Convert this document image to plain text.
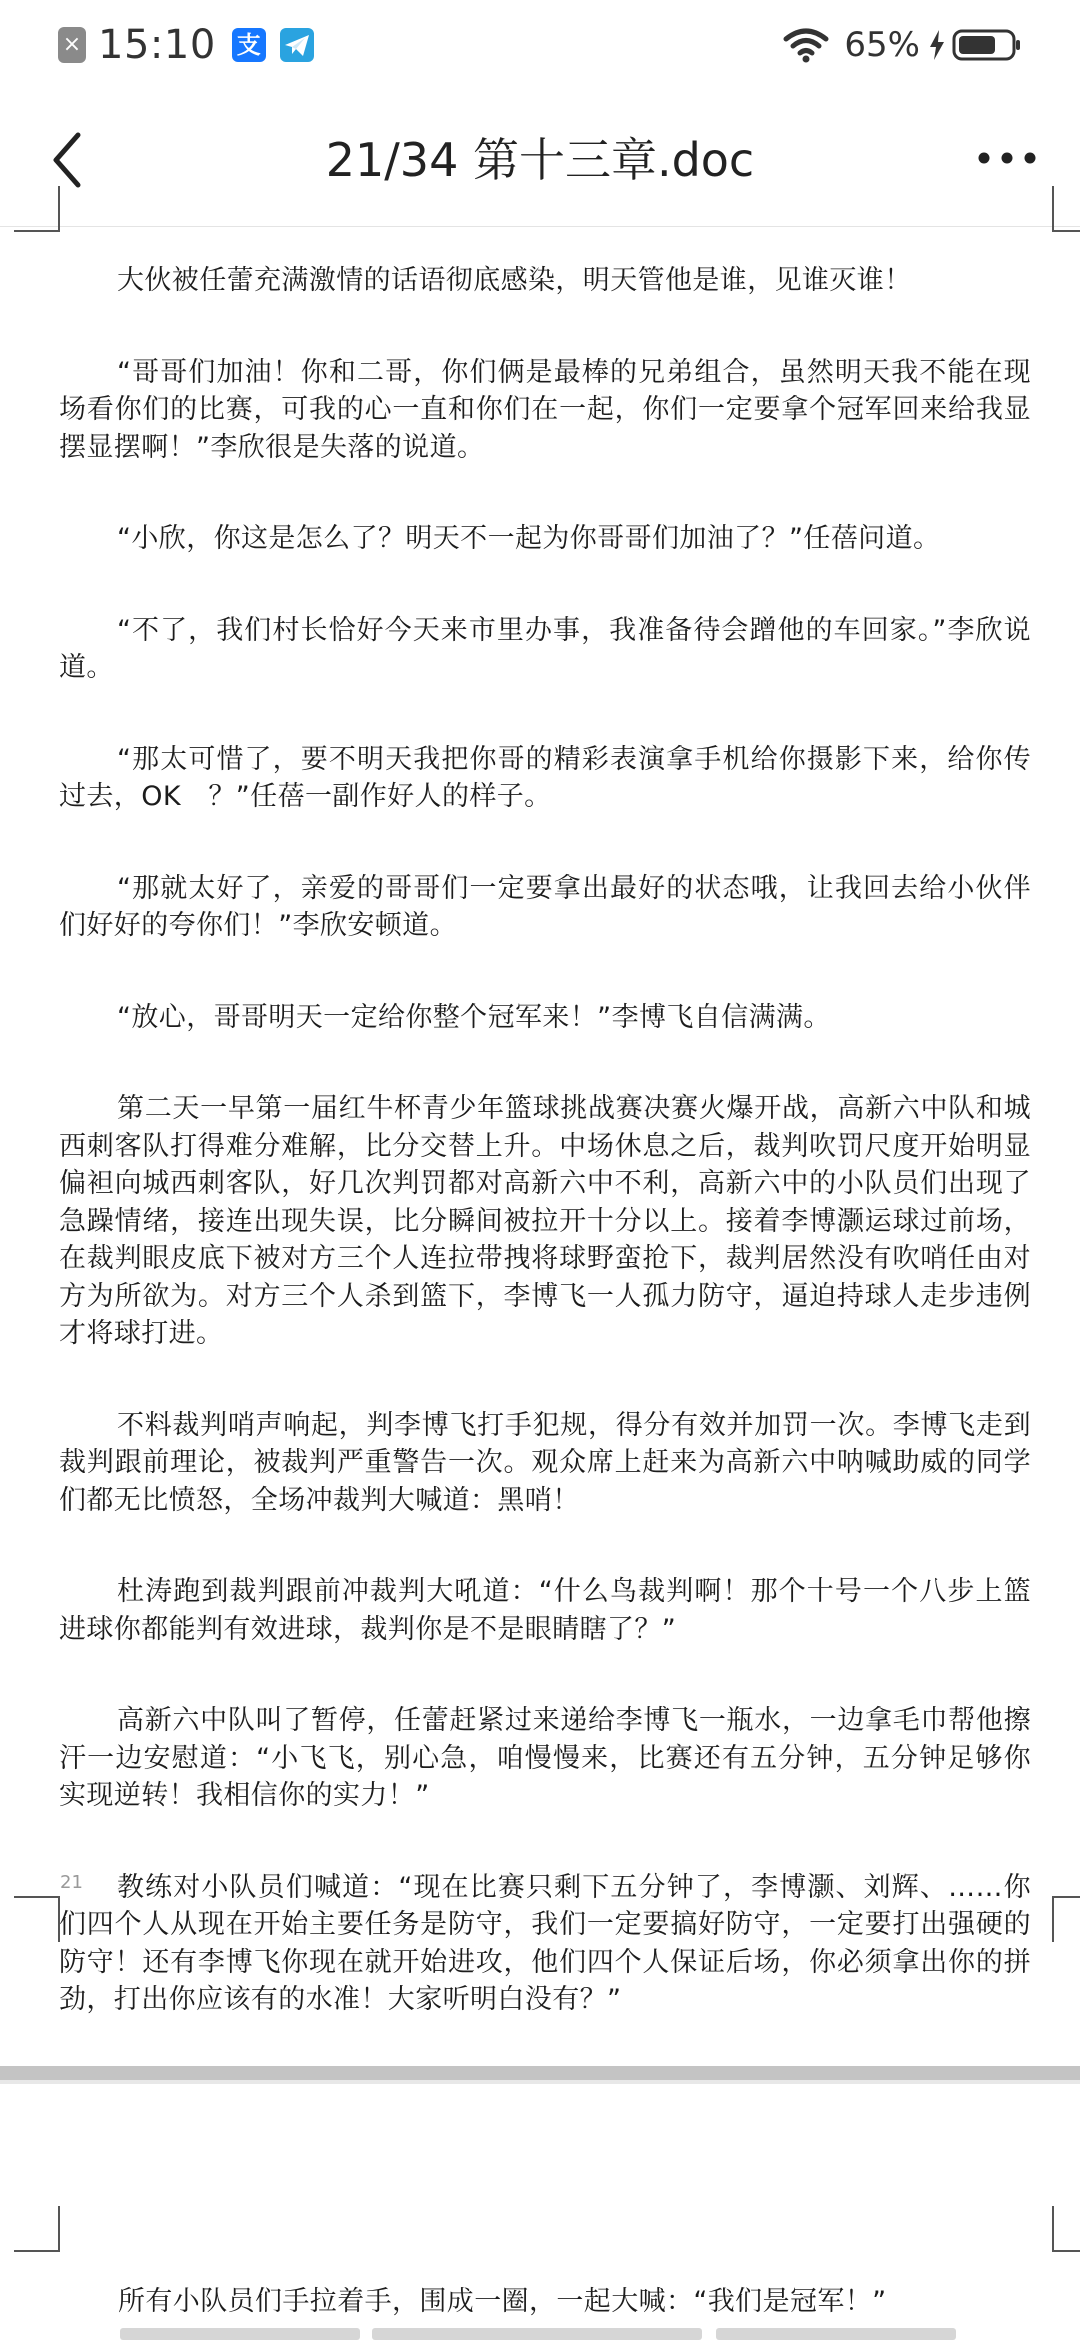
× 15:10 支	65%
21/34 第十三章.doc

大伙被任蕾充满激情的话语彻底感染，明天管他是谁，见谁灭谁！

“哥哥们加油！你和二哥，你们俩是最棒的兄弟组合，虽然明天我不能在现场看你们的比赛，可我的心一直和你们在一起，你们一定要拿个冠军回来给我显摆显摆啊！”李欣很是失落的说道。

“小欣，你这是怎么了？明天不一起为你哥哥们加油了？”任蓓问道。

“不了，我们村长恰好今天来市里办事，我准备待会蹭他的车回家。”李欣说道。

“那太可惜了，要不明天我把你哥的精彩表演拿手机给你摄影下来，给你传过去，OK　？”任蓓一副作好人的样子。

“那就太好了，亲爱的哥哥们一定要拿出最好的状态哦，让我回去给小伙伴们好好的夸你们！”李欣安顿道。

“放心，哥哥明天一定给你整个冠军来！”李博飞自信满满。

第二天一早第一届红牛杯青少年篮球挑战赛决赛火爆开战，高新六中队和城西刺客队打得难分难解，比分交替上升。中场休息之后，裁判吹罚尺度开始明显偏袒向城西刺客队，好几次判罚都对高新六中不利，高新六中的小队员们出现了急躁情绪，接连出现失误，比分瞬间被拉开十分以上。接着李博灏运球过前场，在裁判眼皮底下被对方三个人连拉带拽将球野蛮抢下，裁判居然没有吹哨任由对方为所欲为。对方三个人杀到篮下，李博飞一人孤力防守，逼迫持球人走步违例才将球打进。

不料裁判哨声响起，判李博飞打手犯规，得分有效并加罚一次。李博飞走到裁判跟前理论，被裁判严重警告一次。观众席上赶来为高新六中呐喊助威的同学们都无比愤怒，全场冲裁判大喊道：黑哨！

杜涛跑到裁判跟前冲裁判大吼道：“什么鸟裁判啊！那个十号一个八步上篮进球你都能判有效进球，裁判你是不是眼睛瞎了？”

高新六中队叫了暂停，任蕾赶紧过来递给李博飞一瓶水，一边拿毛巾帮他擦汗一边安慰道：“小飞飞，别心急，咱慢慢来，比赛还有五分钟，五分钟足够你实现逆转！我相信你的实力！”

教练对小队员们喊道：“现在比赛只剩下五分钟了，李博灏、刘辉、……你们四个人从现在开始主要任务是防守，我们一定要搞好防守，一定要打出强硬的防守！还有李博飞你现在就开始进攻，他们四个人保证后场，你必须拿出你的拼劲，打出你应该有的水准！大家听明白没有？”

21
所有小队员们手拉着手，围成一圈，一起大喊：“我们是冠军！”
